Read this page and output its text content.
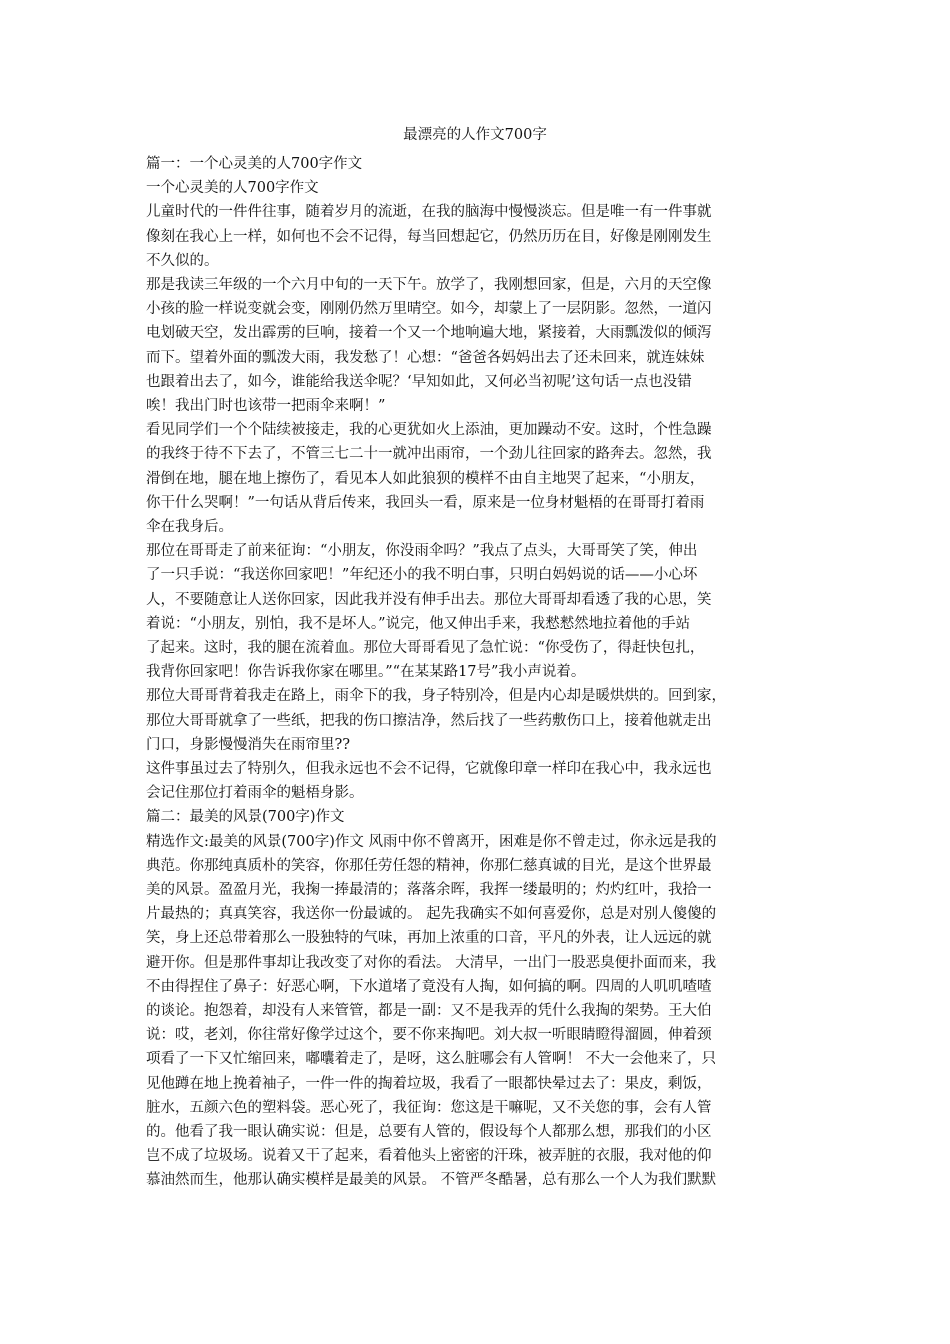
最漂亮的人作文700字
篇一：一个心灵美的人700字作文
一个心灵美的人700字作文
儿童时代的一件件往事，随着岁月的流逝，在我的脑海中慢慢淡忘。但是唯一有一件事就
像刻在我心上一样，如何也不会不记得，每当回想起它，仍然历历在目，好像是刚刚发生
不久似的。
那是我读三年级的一个六月中旬的一天下午。放学了，我刚想回家，但是，六月的天空像
小孩的脸一样说变就会变，刚刚仍然万里晴空。如今，却蒙上了一层阴影。忽然，一道闪
电划破天空，发出霹雳的巨响，接着一个又一个地响遍大地，紧接着，大雨瓢泼似的倾泻
而下。望着外面的瓢泼大雨，我发愁了！心想：“爸爸各妈妈出去了还未回来，就连妹妹
也跟着出去了，如今，谁能给我送伞呢？‘早知如此，又何必当初呢’这句话一点也没错
唉！我出门时也该带一把雨伞来啊！”
看见同学们一个个陆续被接走，我的心更犹如火上添油，更加躁动不安。这时，个性急躁
的我终于待不下去了，不管三七二十一就冲出雨帘，一个劲儿往回家的路奔去。忽然，我
滑倒在地，腿在地上擦伤了，看见本人如此狼狈的模样不由自主地哭了起来，“小朋友，
你干什么哭啊！”一句话从背后传来，我回头一看，原来是一位身材魁梧的在哥哥打着雨
伞在我身后。
那位在哥哥走了前来征询：“小朋友，你没雨伞吗？”我点了点头，大哥哥笑了笑，伸出
了一只手说：“我送你回家吧！”年纪还小的我不明白事，只明白妈妈说的话——小心坏
人，不要随意让人送你回家，因此我并没有伸手出去。那位大哥哥却看透了我的心思，笑
着说：“小朋友，别怕，我不是坏人。”说完，他又伸出手来，我慭慭然地拉着他的手站
了起来。这时，我的腿在流着血。那位大哥哥看见了急忙说：“你受伤了，得赶快包扎，
我背你回家吧！你告诉我你家在哪里。”“在某某路17号”我小声说着。
那位大哥哥背着我走在路上，雨伞下的我，身子特别冷，但是内心却是暖烘烘的。回到家，
那位大哥哥就拿了一些纸，把我的伤口擦洁净，然后找了一些药敷伤口上，接着他就走出
门口，身影慢慢消失在雨帘里??
这件事虽过去了特别久，但我永远也不会不记得，它就像印章一样印在我心中，我永远也
会记住那位打着雨伞的魁梧身影。
篇二：最美的风景(700字)作文
精选作文:最美的风景(700字)作文 风雨中你不曾离开，困难是你不曾走过，你永远是我的
典范。你那纯真质朴的笑容，你那任劳任怨的精神，你那仁慈真诚的目光，是这个世界最
美的风景。盈盈月光，我掬一捧最清的；落落余晖，我挥一缕最明的；灼灼红叶，我拾一
片最热的；真真笑容，我送你一份最诚的。 起先我确实不如何喜爱你，总是对别人傻傻的
笑，身上还总带着那么一股独特的气味，再加上浓重的口音，平凡的外表，让人远远的就
避开你。但是那件事却让我改变了对你的看法。 大清早，一出门一股恶臭便扑面而来，我
不由得捏住了鼻子：好恶心啊，下水道堵了竟没有人掏，如何搞的啊。四周的人叽叽喳喳
的谈论。抱怨着，却没有人来管管，都是一副：又不是我弄的凭什么我掏的架势。王大伯
说：哎，老刘，你往常好像学过这个，要不你来掏吧。刘大叔一听眼睛瞪得溜圆，伸着颈
项看了一下又忙缩回来，嘟囔着走了，是呀，这么脏哪会有人管啊！ 不大一会他来了，只
见他蹲在地上挽着袖子，一件一件的掏着垃圾，我看了一眼都快晕过去了：果皮，剩饭，
脏水，五颜六色的塑料袋。恶心死了，我征询：您这是干嘛呢，又不关您的事，会有人管
的。他看了我一眼认确实说：但是，总要有人管的，假设每个人都那么想，那我们的小区
岂不成了垃圾场。说着又干了起来，看着他头上密密的汗珠，被弄脏的衣服，我对他的仰
慕油然而生，他那认确实模样是最美的风景。 不管严冬酷暑，总有那么一个人为我们默默
